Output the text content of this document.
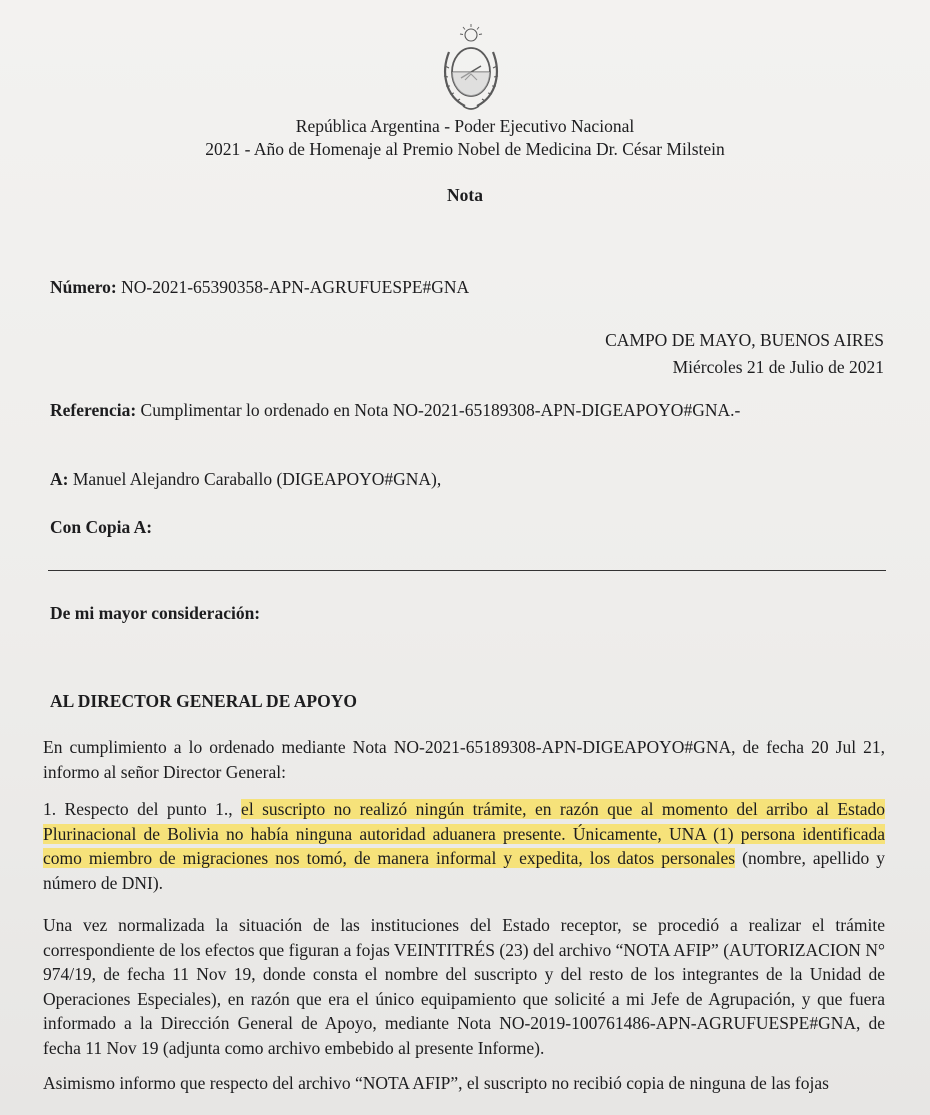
República Argentina - Poder Ejecutivo Nacional
2021 - Año de Homenaje al Premio Nobel de Medicina Dr. César Milstein
Nota
Número: NO-2021-65390358-APN-AGRUFUESPE#GNA
CAMPO DE MAYO, BUENOS AIRES
Miércoles 21 de Julio de 2021
Referencia: Cumplimentar lo ordenado en Nota NO-2021-65189308-APN-DIGEAPOYO#GNA.-
A: Manuel Alejandro Caraballo (DIGEAPOYO#GNA),
Con Copia A:
De mi mayor consideración:
AL DIRECTOR GENERAL DE APOYO
En cumplimiento a lo ordenado mediante Nota NO-2021-65189308-APN-DIGEAPOYO#GNA, de fecha 20 Jul 21, informo al señor Director General:
1. Respecto del punto 1., el suscripto no realizó ningún trámite, en razón que al momento del arribo al Estado Plurinacional de Bolivia no había ninguna autoridad aduanera presente. Únicamente, UNA (1) persona identificada como miembro de migraciones nos tomó, de manera informal y expedita, los datos personales (nombre, apellido y número de DNI).
Una vez normalizada la situación de las instituciones del Estado receptor, se procedió a realizar el trámite correspondiente de los efectos que figuran a fojas VEINTITRÉS (23) del archivo “NOTA AFIP” (AUTORIZACION N° 974/19, de fecha 11 Nov 19, donde consta el nombre del suscripto y del resto de los integrantes de la Unidad de Operaciones Especiales), en razón que era el único equipamiento que solicité a mi Jefe de Agrupación, y que fuera informado a la Dirección General de Apoyo, mediante Nota NO-2019-100761486-APN-AGRUFUESPE#GNA, de fecha 11 Nov 19 (adjunta como archivo embebido al presente Informe).
Asimismo informo que respecto del archivo “NOTA AFIP”, el suscripto no recibió copia de ninguna de las fojas
